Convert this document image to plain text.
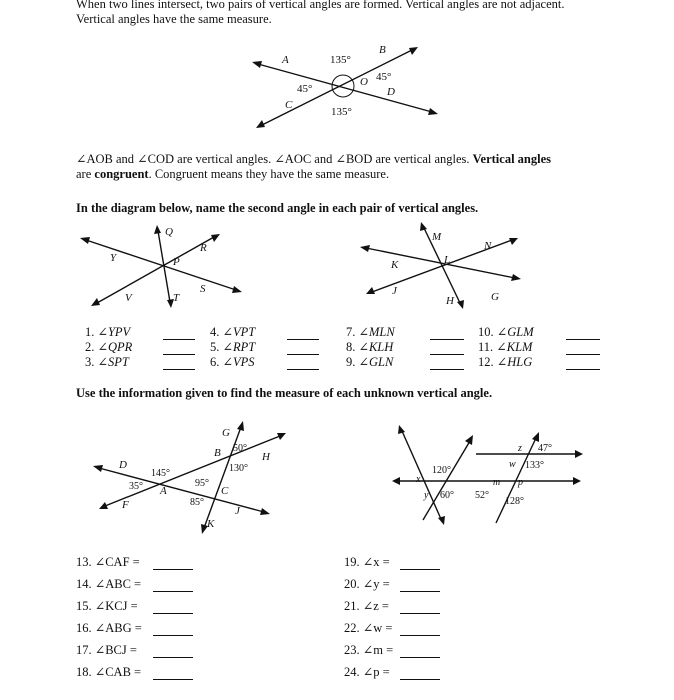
When two lines intersect, two pairs of vertical angles are formed. Vertical angles are not adjacent.
Vertical angles have the same measure.
A
B
C
D
O
135°
45°
45°
135°
∠AOB and ∠COD are vertical angles. ∠AOC and ∠BOD are vertical angles. Vertical angles
are congruent. Congruent means they have the same measure.
In the diagram below, name the second angle in each pair of vertical angles.
Q
R
Y	P
V	T
S
M
N
K	L
J
H	G
1. ∠YPV
2. ∠QPR
3. ∠SPT
4. ∠VPT
5. ∠RPT
6. ∠VPS
7. ∠MLN
8. ∠KLH
9. ∠GLN
10. ∠GLM
11. ∠KLM
12. ∠HLG
Use the information given to find the measure of each unknown vertical angle.
G
B	H
D
A	C
F
K
J
50°
130°
145°
35°	95°
85°
z
w
x
y
m p
47°
133°
120°
60° 52°
128°
13. ∠CAF =
14. ∠ABC =
15. ∠KCJ =
16. ∠ABG =
17. ∠BCJ =
18. ∠CAB =
19. ∠x =
20. ∠y =
21. ∠z =
22. ∠w =
23. ∠m =
24. ∠p =
